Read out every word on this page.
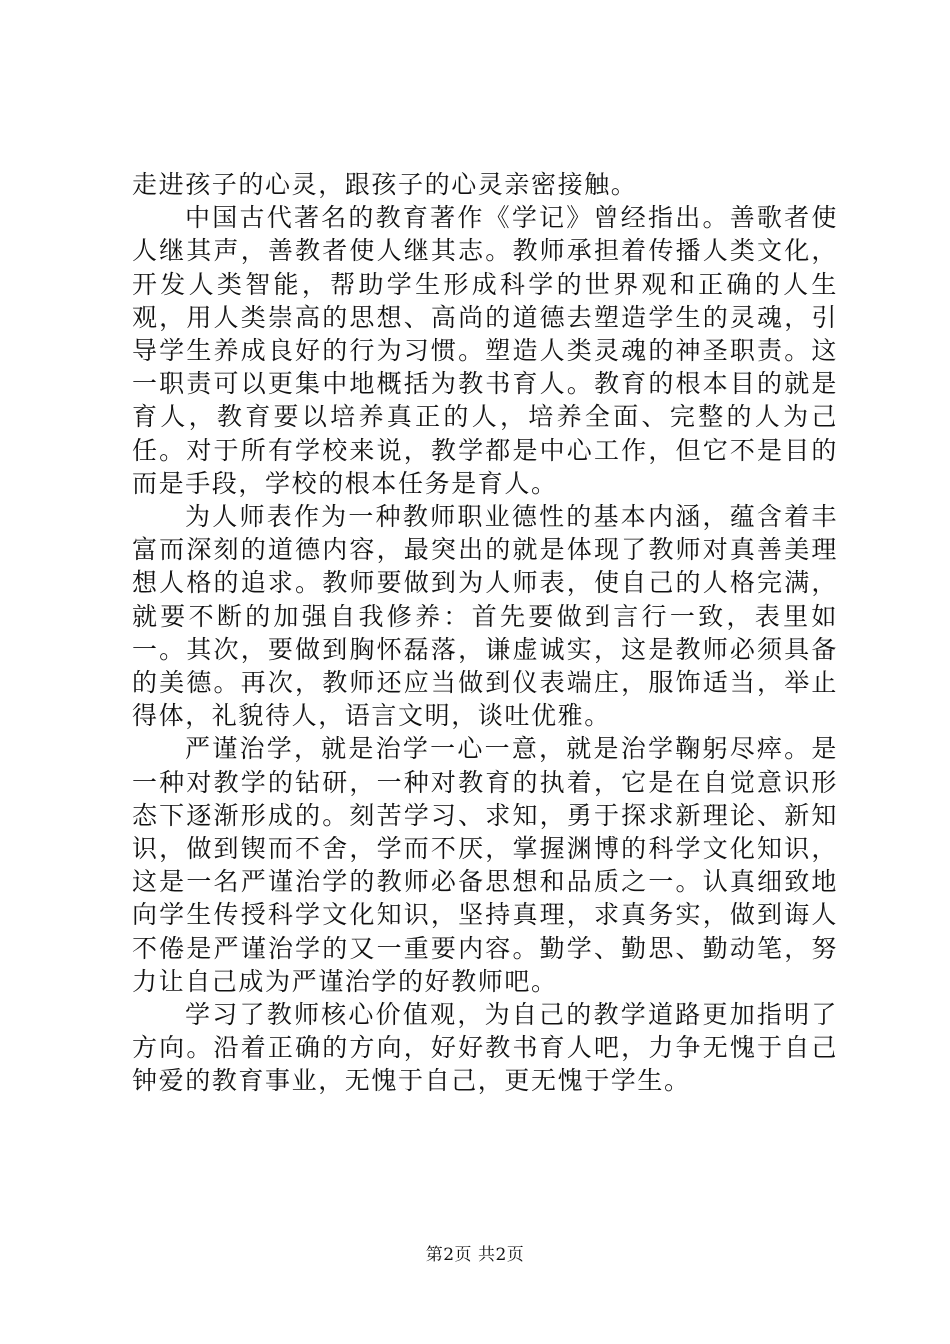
走进孩子的心灵，跟孩子的心灵亲密接触。

中国古代著名的教育著作《学记》曾经指出。善歌者使人继其声，善教者使人继其志。教师承担着传播人类文化，开发人类智能，帮助学生形成科学的世界观和正确的人生观，用人类崇高的思想、高尚的道德去塑造学生的灵魂，引导学生养成良好的行为习惯。塑造人类灵魂的神圣职责。这一职责可以更集中地概括为教书育人。教育的根本目的就是育人，教育要以培养真正的人，培养全面、完整的人为己任。对于所有学校来说，教学都是中心工作，但它不是目的而是手段，学校的根本任务是育人。

为人师表作为一种教师职业德性的基本内涵，蕴含着丰富而深刻的道德内容，最突出的就是体现了教师对真善美理想人格的追求。教师要做到为人师表，使自己的人格完满，就要不断的加强自我修养：首先要做到言行一致，表里如一。其次，要做到胸怀磊落，谦虚诚实，这是教师必须具备的美德。再次，教师还应当做到仪表端庄，服饰适当，举止得体，礼貌待人，语言文明，谈吐优雅。

严谨治学，就是治学一心一意，就是治学鞠躬尽瘁。是一种对教学的钻研，一种对教育的执着，它是在自觉意识形态下逐渐形成的。刻苦学习、求知，勇于探求新理论、新知识，做到锲而不舍，学而不厌，掌握渊博的科学文化知识，这是一名严谨治学的教师必备思想和品质之一。认真细致地向学生传授科学文化知识，坚持真理，求真务实，做到诲人不倦是严谨治学的又一重要内容。勤学、勤思、勤动笔，努力让自己成为严谨治学的好教师吧。

学习了教师核心价值观，为自己的教学道路更加指明了方向。沿着正确的方向，好好教书育人吧，力争无愧于自己钟爱的教育事业，无愧于自己，更无愧于学生。

第2页 共2页
